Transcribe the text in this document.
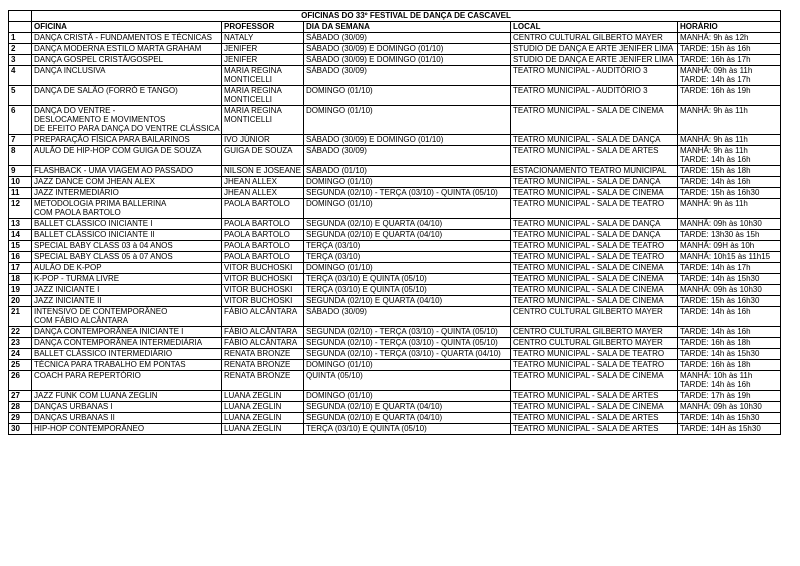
	OFICINAS DO 33º FESTIVAL DE DANÇA DE CASCAVEL				
	OFICINA	PROFESSOR	DIA DA SEMANA	LOCAL	HORÁRIO
1	DANÇA CRISTÃ - FUNDAMENTOS E TÉCNICAS	NATALY	SÁBADO (30/09)	CENTRO CULTURAL GILBERTO MAYER	MANHÃ: 9h às 12h

2	DANÇA MODERNA ESTILO MARTA GRAHAM	JENIFER	SÁBADO (30/09) E DOMINGO (01/10)	STUDIO DE DANÇA E ARTE JENIFER LIMA	TARDE: 15h às 16h

3	DANÇA GOSPEL CRISTÃ/GOSPEL	JENIFER	SÁBADO (30/09) E DOMINGO (01/10)	STUDIO DE DANÇA E ARTE JENIFER LIMA	TARDE: 16h às 17h

4	DANÇA INCLUSIVA	MARIA REGINA
MONTICELLI	SÁBADO (30/09)	TEATRO MUNICIPAL - AUDITÓRIO 3	MANHÃ: 09h às 11h
TARDE: 14h às 17h

5	DANÇA DE SALÃO (FORRÓ E TANGO)	MARIA REGINA
MONTICELLI	DOMINGO (01/10)	TEATRO MUNICIPAL - AUDITÓRIO 3	TARDE: 16h às 19h

6	DANÇA DO VENTRE -
DESLOCAMENTO E MOVIMENTOS
DE EFEITO PARA DANÇA DO VENTRE CLÁSSICA	MARIA REGINA
MONTICELLI	DOMINGO (01/10)	TEATRO MUNICIPAL - SALA DE CINEMA	MANHÃ: 9h às 11h

7	PREPARAÇÃO FÍSICA PARA BAILARINOS	IVO JÚNIOR	SÁBADO (30/09) E DOMINGO (01/10)	TEATRO MUNICIPAL - SALA DE DANÇA	MANHÃ: 9h às 11h

8	AULÃO DE HIP-HOP COM GUIGA DE SOUZA	GUIGA DE SOUZA	SÁBADO (30/09)	TEATRO MUNICIPAL - SALA DE ARTES	MANHÃ: 9h às 11h
TARDE: 14h às 16h

9	FLASHBACK - UMA VIAGEM AO PASSADO	NILSON E JOSEANE	SÁBADO (01/10)	ESTACIONAMENTO TEATRO MUNICIPAL	TARDE: 15h às 18h

10	JAZZ DANCE COM JHEAN ALEX	JHEAN ALLEX	DOMINGO (01/10)	TEATRO MUNICIPAL - SALA DE DANÇA	TARDE: 14h às 16h

11	JAZZ INTERMEDIÁRIO	JHEAN ALLEX	SEGUNDA (02/10) - TERÇA (03/10) - QUINTA (05/10)	TEATRO MUNICIPAL - SALA DE CINEMA	TARDE: 15h às 16h30

12	METODOLOGIA PRIMA BALLERINA
COM PAOLA BARTOLO	PAOLA BARTOLO	DOMINGO (01/10)	TEATRO MUNICIPAL - SALA DE TEATRO	MANHÃ: 9h às 11h

13	BALLET CLÁSSICO INICIANTE I	PAOLA BARTOLO	SEGUNDA (02/10) E QUARTA (04/10)	TEATRO MUNICIPAL - SALA DE DANÇA	MANHÃ: 09h às 10h30

14	BALLET CLÁSSICO INICIANTE II	PAOLA BARTOLO	SEGUNDA (02/10) E QUARTA (04/10)	TEATRO MUNICIPAL - SALA DE DANÇA	TARDE: 13h30 às 15h

15	SPECIAL BABY CLASS 03 à 04 ANOS	PAOLA BARTOLO	TERÇA (03/10)	TEATRO MUNICIPAL - SALA DE TEATRO	MANHÃ: 09H às 10h

16	SPECIAL BABY CLASS 05 à 07 ANOS	PAOLA BARTOLO	TERÇA (03/10)	TEATRO MUNICIPAL - SALA DE TEATRO	MANHÃ: 10h15 às 11h15

17	AULÃO DE K-POP	VITOR BUCHOSKI	DOMINGO (01/10)	TEATRO MUNICIPAL - SALA DE CINEMA	TARDE: 14h às 17h

18	K-POP - TURMA LIVRE	VITOR BUCHOSKI	TERÇA (03/10) E QUINTA (05/10)	TEATRO MUNICIPAL - SALA DE CINEMA	TARDE: 14h às 15h30

19	JAZZ INICIANTE I	VITOR BUCHOSKI	TERÇA (03/10) E QUINTA (05/10)	TEATRO MUNICIPAL - SALA DE CINEMA	MANHÃ: 09h às 10h30

20	JAZZ INICIANTE II	VITOR BUCHOSKI	SEGUNDA (02/10) E QUARTA (04/10)	TEATRO MUNICIPAL - SALA DE CINEMA	TARDE: 15h às 16h30

21	INTENSIVO DE CONTEMPORÂNEO
COM FÁBIO ALCÂNTARA	FÁBIO ALCÂNTARA	SÁBADO (30/09)	CENTRO CULTURAL GILBERTO MAYER	TARDE: 14h às 16h

22	DANÇA CONTEMPORÂNEA INICIANTE I	FÁBIO ALCÂNTARA	SEGUNDA (02/10) - TERÇA (03/10) - QUINTA (05/10)	CENTRO CULTURAL GILBERTO MAYER	TARDE: 14h às 16h

23	DANÇA CONTEMPORÂNEA INTERMEDIÁRIA	FÁBIO ALCÂNTARA	SEGUNDA (02/10) - TERÇA (03/10) - QUINTA (05/10)	CENTRO CULTURAL GILBERTO MAYER	TARDE: 16h às 18h

24	BALLET CLÁSSICO INTERMEDIÁRIO	RENATA BRONZE	SEGUNDA (02/10) - TERÇA (03/10) - QUARTA (04/10)	TEATRO MUNICIPAL - SALA DE TEATRO	TARDE: 14h às 15h30

25	TÉCNICA PARA TRABALHO EM PONTAS	RENATA BRONZE	DOMINGO (01/10)	TEATRO MUNICIPAL - SALA DE TEATRO	TARDE: 16h às 18h

26	COACH PARA REPERTÓRIO	RENATA BRONZE	QUINTA (05/10)	TEATRO MUNICIPAL - SALA DE CINEMA	MANHÃ: 10h às 11h
TARDE: 14h às 16h

27	JAZZ FUNK COM LUANA ZEGLIN	LUANA ZEGLIN	DOMINGO (01/10)	TEATRO MUNICIPAL - SALA DE ARTES	TARDE: 17h às 19h

28	DANÇAS URBANAS I	LUANA ZEGLIN	SEGUNDA (02/10) E QUARTA (04/10)	TEATRO MUNICIPAL - SALA DE CINEMA	MANHÃ: 09h às 10h30

29	DANÇAS URBANAS II	LUANA ZEGLIN	SEGUNDA (02/10) E QUARTA (04/10)	TEATRO MUNICIPAL - SALA DE ARTES	TARDE: 14h às 15h30

30	HIP-HOP CONTEMPORÂNEO	LUANA ZEGLIN	TERÇA (03/10) E QUINTA (05/10)	TEATRO MUNICIPAL - SALA DE ARTES	TARDE: 14H às 15h30
